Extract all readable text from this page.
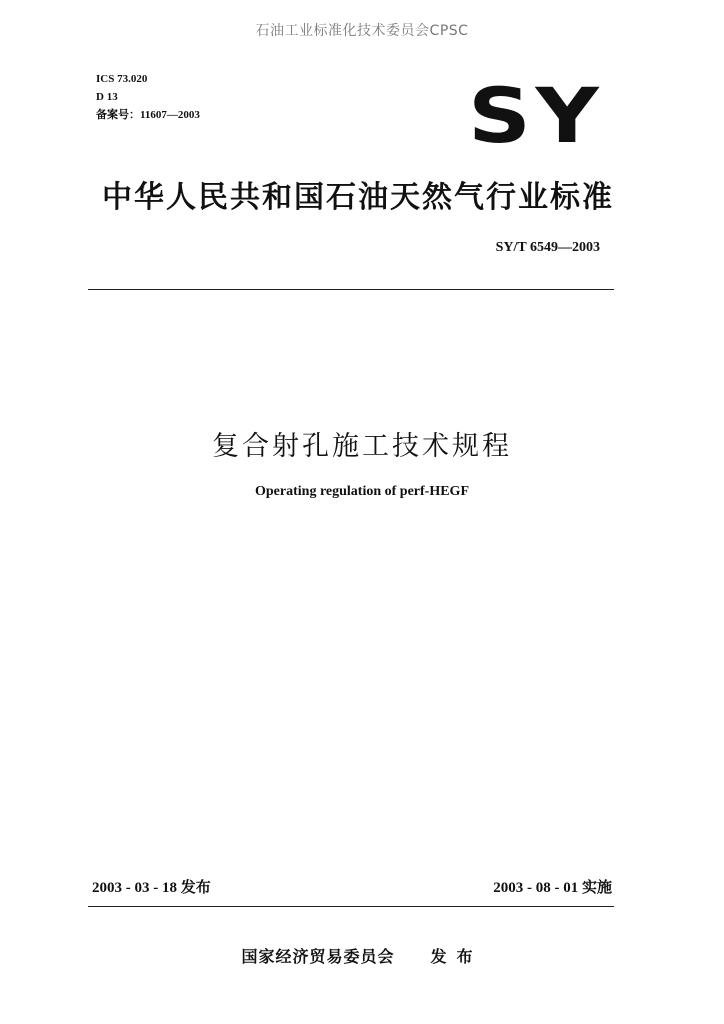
石油工业标准化技术委员会CPSC
ICS 73.020
D 13
备案号：11607—2003	SY
中华人民共和国石油天然气行业标准
SY/T 6549—2003
复合射孔施工技术规程
Operating regulation of perf-HEGF
2003 - 03 - 18 发布	2003 - 08 - 01 实施
国家经济贸易委员会 发布
